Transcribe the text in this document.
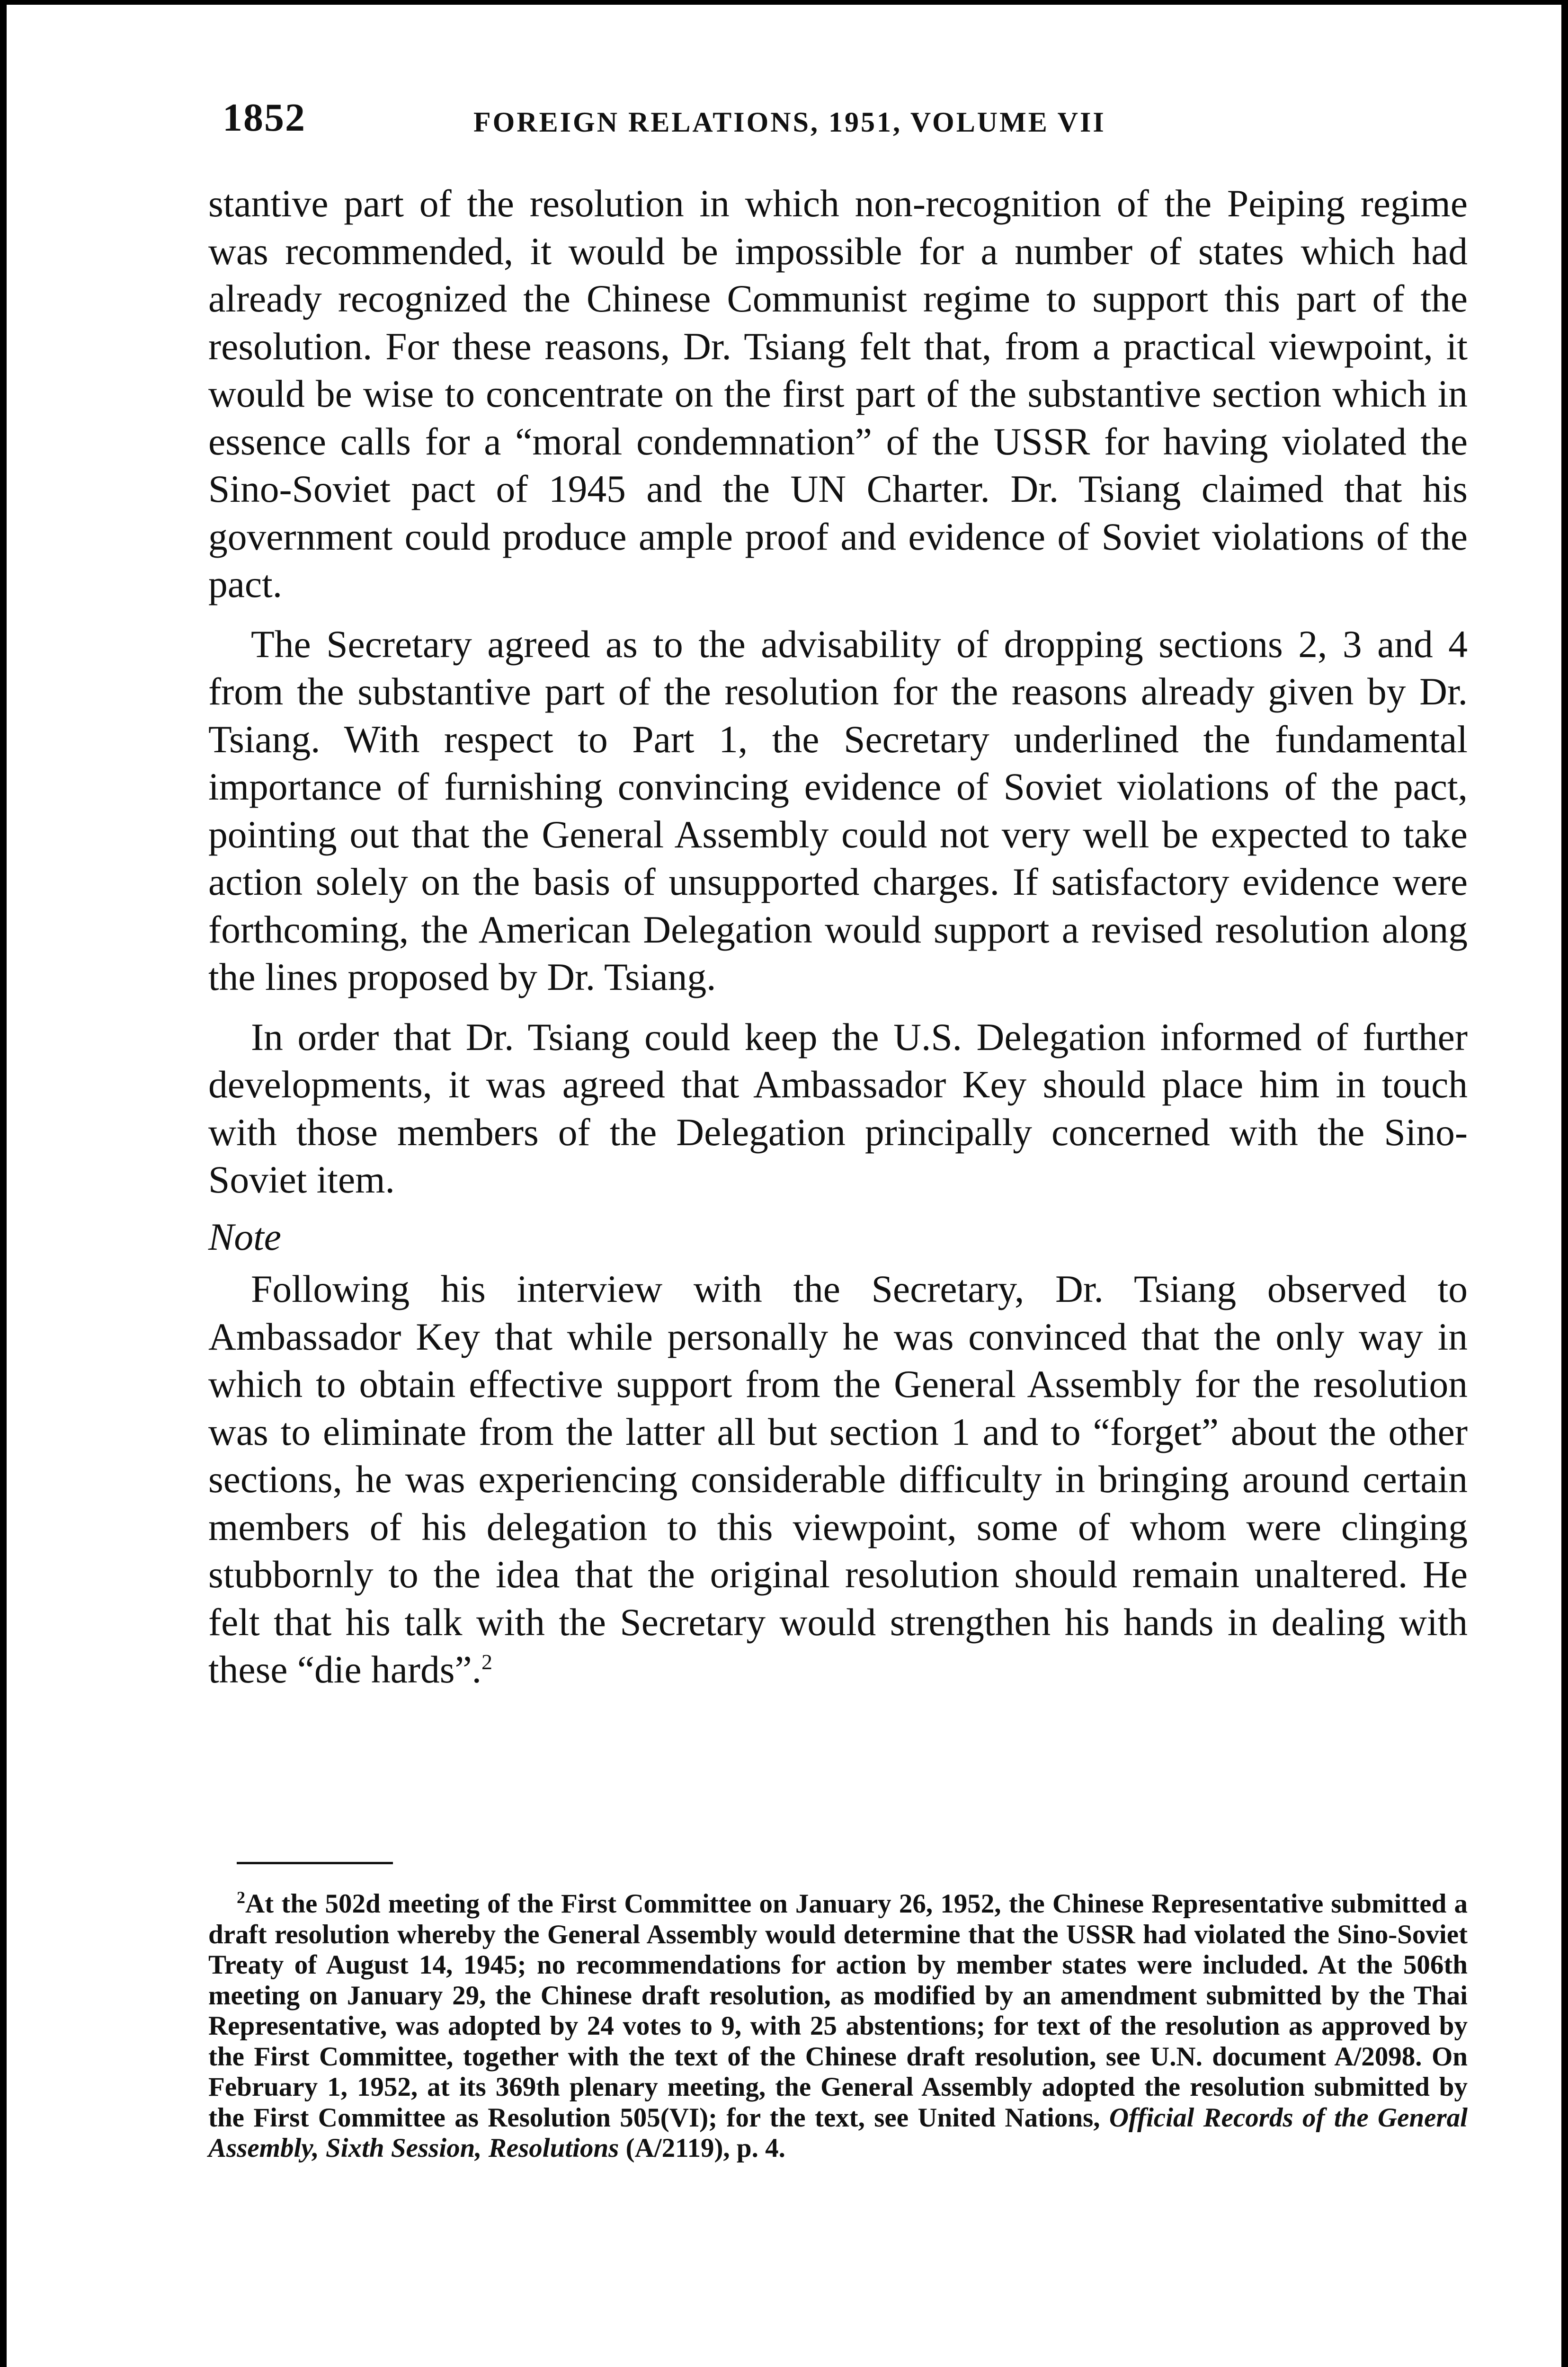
1852	FOREIGN RELATIONS, 1951, VOLUME VII

stantive part of the resolution in which non-recognition of the Peiping regime was recommended, it would be impossible for a number of states which had already recognized the Chinese Communist regime to support this part of the resolution. For these reasons, Dr. Tsiang felt that, from a practical viewpoint, it would be wise to concentrate on the first part of the substantive section which in essence calls for a “moral condemnation” of the USSR for having violated the Sino-Soviet pact of 1945 and the UN Charter. Dr. Tsiang claimed that his government could produce ample proof and evidence of Soviet violations of the pact.

The Secretary agreed as to the advisability of dropping sections 2, 3 and 4 from the substantive part of the resolution for the reasons already given by Dr. Tsiang. With respect to Part 1, the Secretary underlined the fundamental importance of furnishing convincing evidence of Soviet violations of the pact, pointing out that the General Assembly could not very well be expected to take action solely on the basis of unsupported charges. If satisfactory evidence were forthcoming, the American Delegation would support a revised resolution along the lines proposed by Dr. Tsiang.

In order that Dr. Tsiang could keep the U.S. Delegation informed of further developments, it was agreed that Ambassador Key should place him in touch with those members of the Delegation principally concerned with the Sino-Soviet item.

Note

Following his interview with the Secretary, Dr. Tsiang observed to Ambassador Key that while personally he was convinced that the only way in which to obtain effective support from the General Assembly for the resolution was to eliminate from the latter all but section 1 and to “forget” about the other sections, he was experiencing considerable difficulty in bringing around certain members of his delegation to this viewpoint, some of whom were clinging stubbornly to the idea that the original resolution should remain unaltered. He felt that his talk with the Secretary would strengthen his hands in dealing with these “die hards”.$^2$

$^2$At the 502d meeting of the First Committee on January 26, 1952, the Chinese Representative submitted a draft resolution whereby the General Assembly would determine that the USSR had violated the Sino-Soviet Treaty of August 14, 1945; no recommendations for action by member states were included. At the 506th meeting on January 29, the Chinese draft resolution, as modified by an amendment submitted by the Thai Representative, was adopted by 24 votes to 9, with 25 abstentions; for text of the resolution as approved by the First Committee, together with the text of the Chinese draft resolution, see U.N. document A/2098. On February 1, 1952, at its 369th plenary meeting, the General Assembly adopted the resolution submitted by the First Committee as Resolution 505(VI); for the text, see United Nations, Official Records of the General Assembly, Sixth Session, Resolutions (A/2119), p. 4.
